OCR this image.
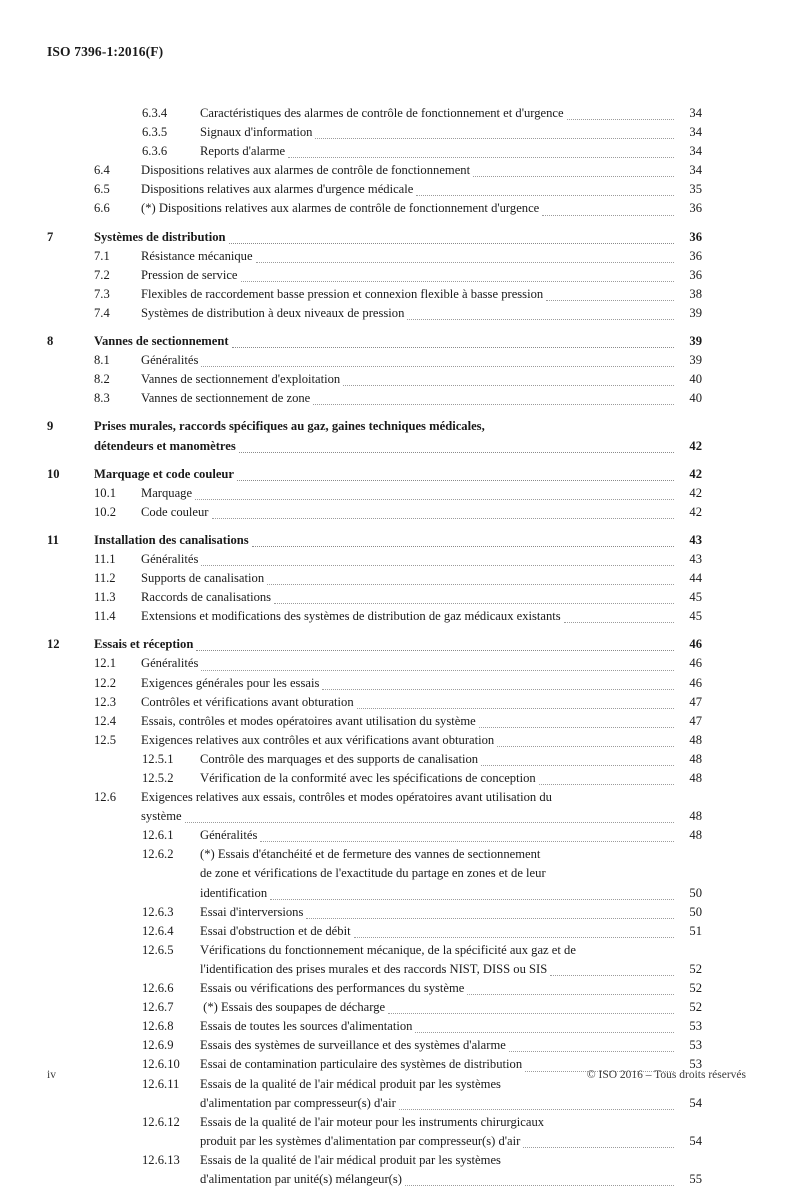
ISO 7396-1:2016(F)
6.3.4	Caractéristiques des alarmes de contrôle de fonctionnement et d'urgence	34
6.3.5	Signaux d'information	34
6.3.6	Reports d'alarme	34
6.4	Dispositions relatives aux alarmes de contrôle de fonctionnement	34
6.5	Dispositions relatives aux alarmes d'urgence médicale	35
6.6	(*) Dispositions relatives aux alarmes de contrôle de fonctionnement d'urgence	36
7	Systèmes de distribution	36
7.1	Résistance mécanique	36
7.2	Pression de service	36
7.3	Flexibles de raccordement basse pression et connexion flexible à basse pression	38
7.4	Systèmes de distribution à deux niveaux de pression	39
8	Vannes de sectionnement	39
8.1	Généralités	39
8.2	Vannes de sectionnement d'exploitation	40
8.3	Vannes de sectionnement de zone	40
9	Prises murales, raccords spécifiques au gaz, gaines techniques médicales,
détendeurs et manomètres	42
10	Marquage et code couleur	42
10.1	Marquage	42
10.2	Code couleur	42
11	Installation des canalisations	43
11.1	Généralités	43
11.2	Supports de canalisation	44
11.3	Raccords de canalisations	45
11.4	Extensions et modifications des systèmes de distribution de gaz médicaux existants	45
12	Essais et réception	46
12.1	Généralités	46
12.2	Exigences générales pour les essais	46
12.3	Contrôles et vérifications avant obturation	47
12.4	Essais, contrôles et modes opératoires avant utilisation du système	47
12.5	Exigences relatives aux contrôles et aux vérifications avant obturation	48
12.5.1	Contrôle des marquages et des supports de canalisation	48
12.5.2	Vérification de la conformité avec les spécifications de conception	48
12.6	Exigences relatives aux essais, contrôles et modes opératoires avant utilisation du
système	48
12.6.1	Généralités	48
12.6.2	(*) Essais d'étanchéité et de fermeture des vannes de sectionnement
de zone et vérifications de l'exactitude du partage en zones et de leur
identification	50
12.6.3	Essai d'interversions	50
12.6.4	Essai d'obstruction et de débit	51
12.6.5	Vérifications du fonctionnement mécanique, de la spécificité aux gaz et de
l'identification des prises murales et des raccords NIST, DISS ou SIS	52
12.6.6	Essais ou vérifications des performances du système	52
12.6.7	(*) Essais des soupapes de décharge	52
12.6.8	Essais de toutes les sources d'alimentation	53
12.6.9	Essais des systèmes de surveillance et des systèmes d'alarme	53
12.6.10	Essai de contamination particulaire des systèmes de distribution	53
12.6.11	Essais de la qualité de l'air médical produit par les systèmes
d'alimentation par compresseur(s) d'air	54
12.6.12	Essais de la qualité de l'air moteur pour les instruments chirurgicaux
produit par les systèmes d'alimentation par compresseur(s) d'air	54
12.6.13	Essais de la qualité de l'air médical produit par les systèmes
d'alimentation par unité(s) mélangeur(s)	55
iv	© ISO 2016 – Tous droits réservés
